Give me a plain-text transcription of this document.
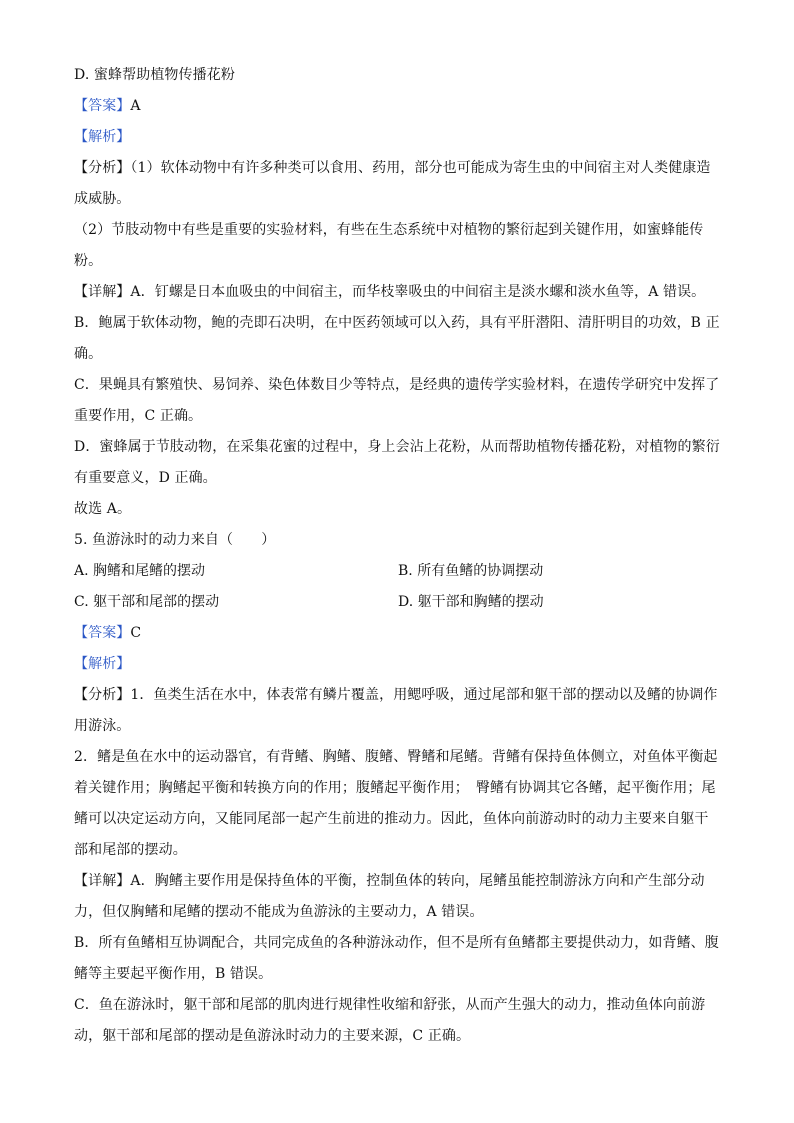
D. 蜜蜂帮助植物传播花粉
【答案】A
【解析】
【分析】（1）软体动物中有许多种类可以食用、药用，部分也可能成为寄生虫的中间宿主对人类健康造
成威胁。
（2）节肢动物中有些是重要的实验材料，有些在生态系统中对植物的繁衍起到关键作用，如蜜蜂能传
粉。
【详解】A．钉螺是日本血吸虫的中间宿主，而华枝睾吸虫的中间宿主是淡水螺和淡水鱼等，A 错误。
B．鲍属于软体动物，鲍的壳即石决明，在中医药领域可以入药，具有平肝潜阳、清肝明目的功效，B 正
确。
C．果蝇具有繁殖快、易饲养、染色体数目少等特点，是经典的遗传学实验材料，在遗传学研究中发挥了
重要作用，C 正确。
D．蜜蜂属于节肢动物，在采集花蜜的过程中，身上会沾上花粉，从而帮助植物传播花粉，对植物的繁衍
有重要意义，D 正确。
故选 A。
5. 鱼游泳时的动力来自（　　）
A. 胸鳍和尾鳍的摆动	B. 所有鱼鳍的协调摆动
C. 躯干部和尾部的摆动	D. 躯干部和胸鳍的摆动
【答案】C
【解析】
【分析】1．鱼类生活在水中，体表常有鳞片覆盖，用鳃呼吸，通过尾部和躯干部的摆动以及鳍的协调作
用游泳。
2．鳍是鱼在水中的运动器官，有背鳍、胸鳍、腹鳍、臀鳍和尾鳍。背鳍有保持鱼体侧立，对鱼体平衡起
着关键作用；胸鳍起平衡和转换方向的作用；腹鳍起平衡作用；　臀鳍有协调其它各鳍，起平衡作用；尾
鳍可以决定运动方向，又能同尾部一起产生前进的推动力。因此，鱼体向前游动时的动力主要来自躯干
部和尾部的摆动。
【详解】A．胸鳍主要作用是保持鱼体的平衡，控制鱼体的转向，尾鳍虽能控制游泳方向和产生部分动
力，但仅胸鳍和尾鳍的摆动不能成为鱼游泳的主要动力，A 错误。
B．所有鱼鳍相互协调配合，共同完成鱼的各种游泳动作，但不是所有鱼鳍都主要提供动力，如背鳍、腹
鳍等主要起平衡作用，B 错误。
C．鱼在游泳时，躯干部和尾部的肌肉进行规律性收缩和舒张，从而产生强大的动力，推动鱼体向前游
动，躯干部和尾部的摆动是鱼游泳时动力的主要来源，C 正确。
